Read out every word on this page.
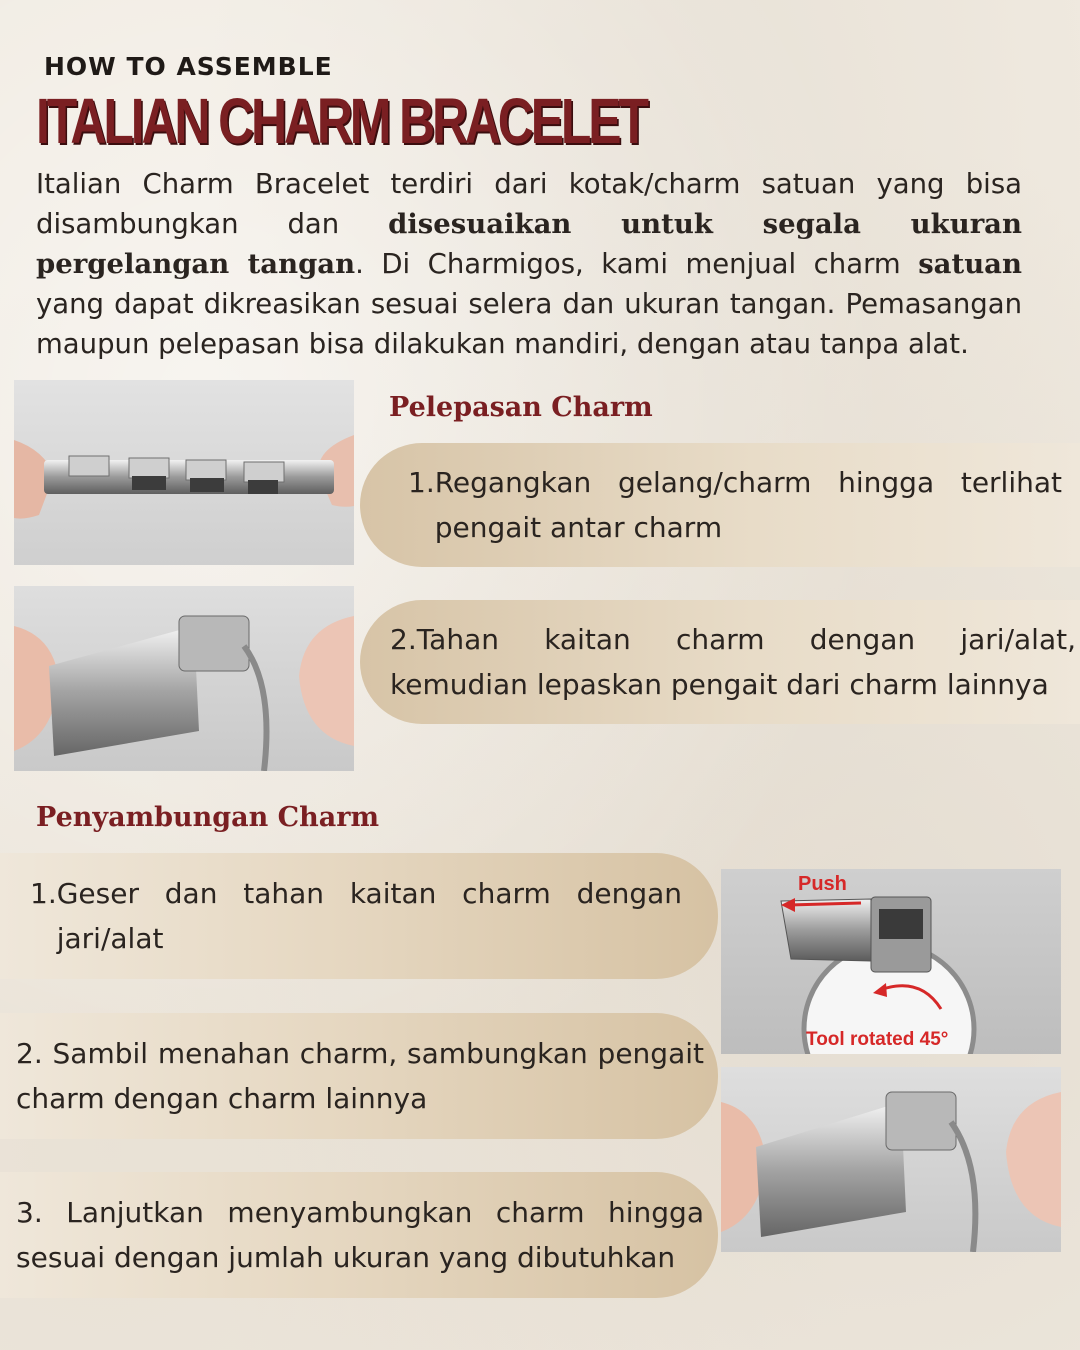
HOW TO ASSEMBLE
ITALIAN CHARM BRACELET

Italian Charm Bracelet terdiri dari kotak/charm satuan yang bisa disambungkan dan disesuaikan untuk segala ukuran pergelangan tangan. Di Charmigos, kami menjual charm satuan yang dapat dikreasikan sesuai selera dan ukuran tangan. Pemasangan maupun pelepasan bisa dilakukan mandiri, dengan atau tanpa alat.

Pelepasan Charm
1. Regangkan gelang/charm hingga terlihat pengait antar charm
2.Tahan kaitan charm dengan jari/alat, kemudian lepaskan pengait dari charm lainnya
Penyambungan Charm
1. Geser dan tahan kaitan charm dengan jari/alat
Push
Tool rotated 45°
2. Sambil menahan charm, sambungkan pengait charm dengan charm lainnya
3. Lanjutkan menyambungkan charm hingga sesuai dengan jumlah ukuran yang dibutuhkan
